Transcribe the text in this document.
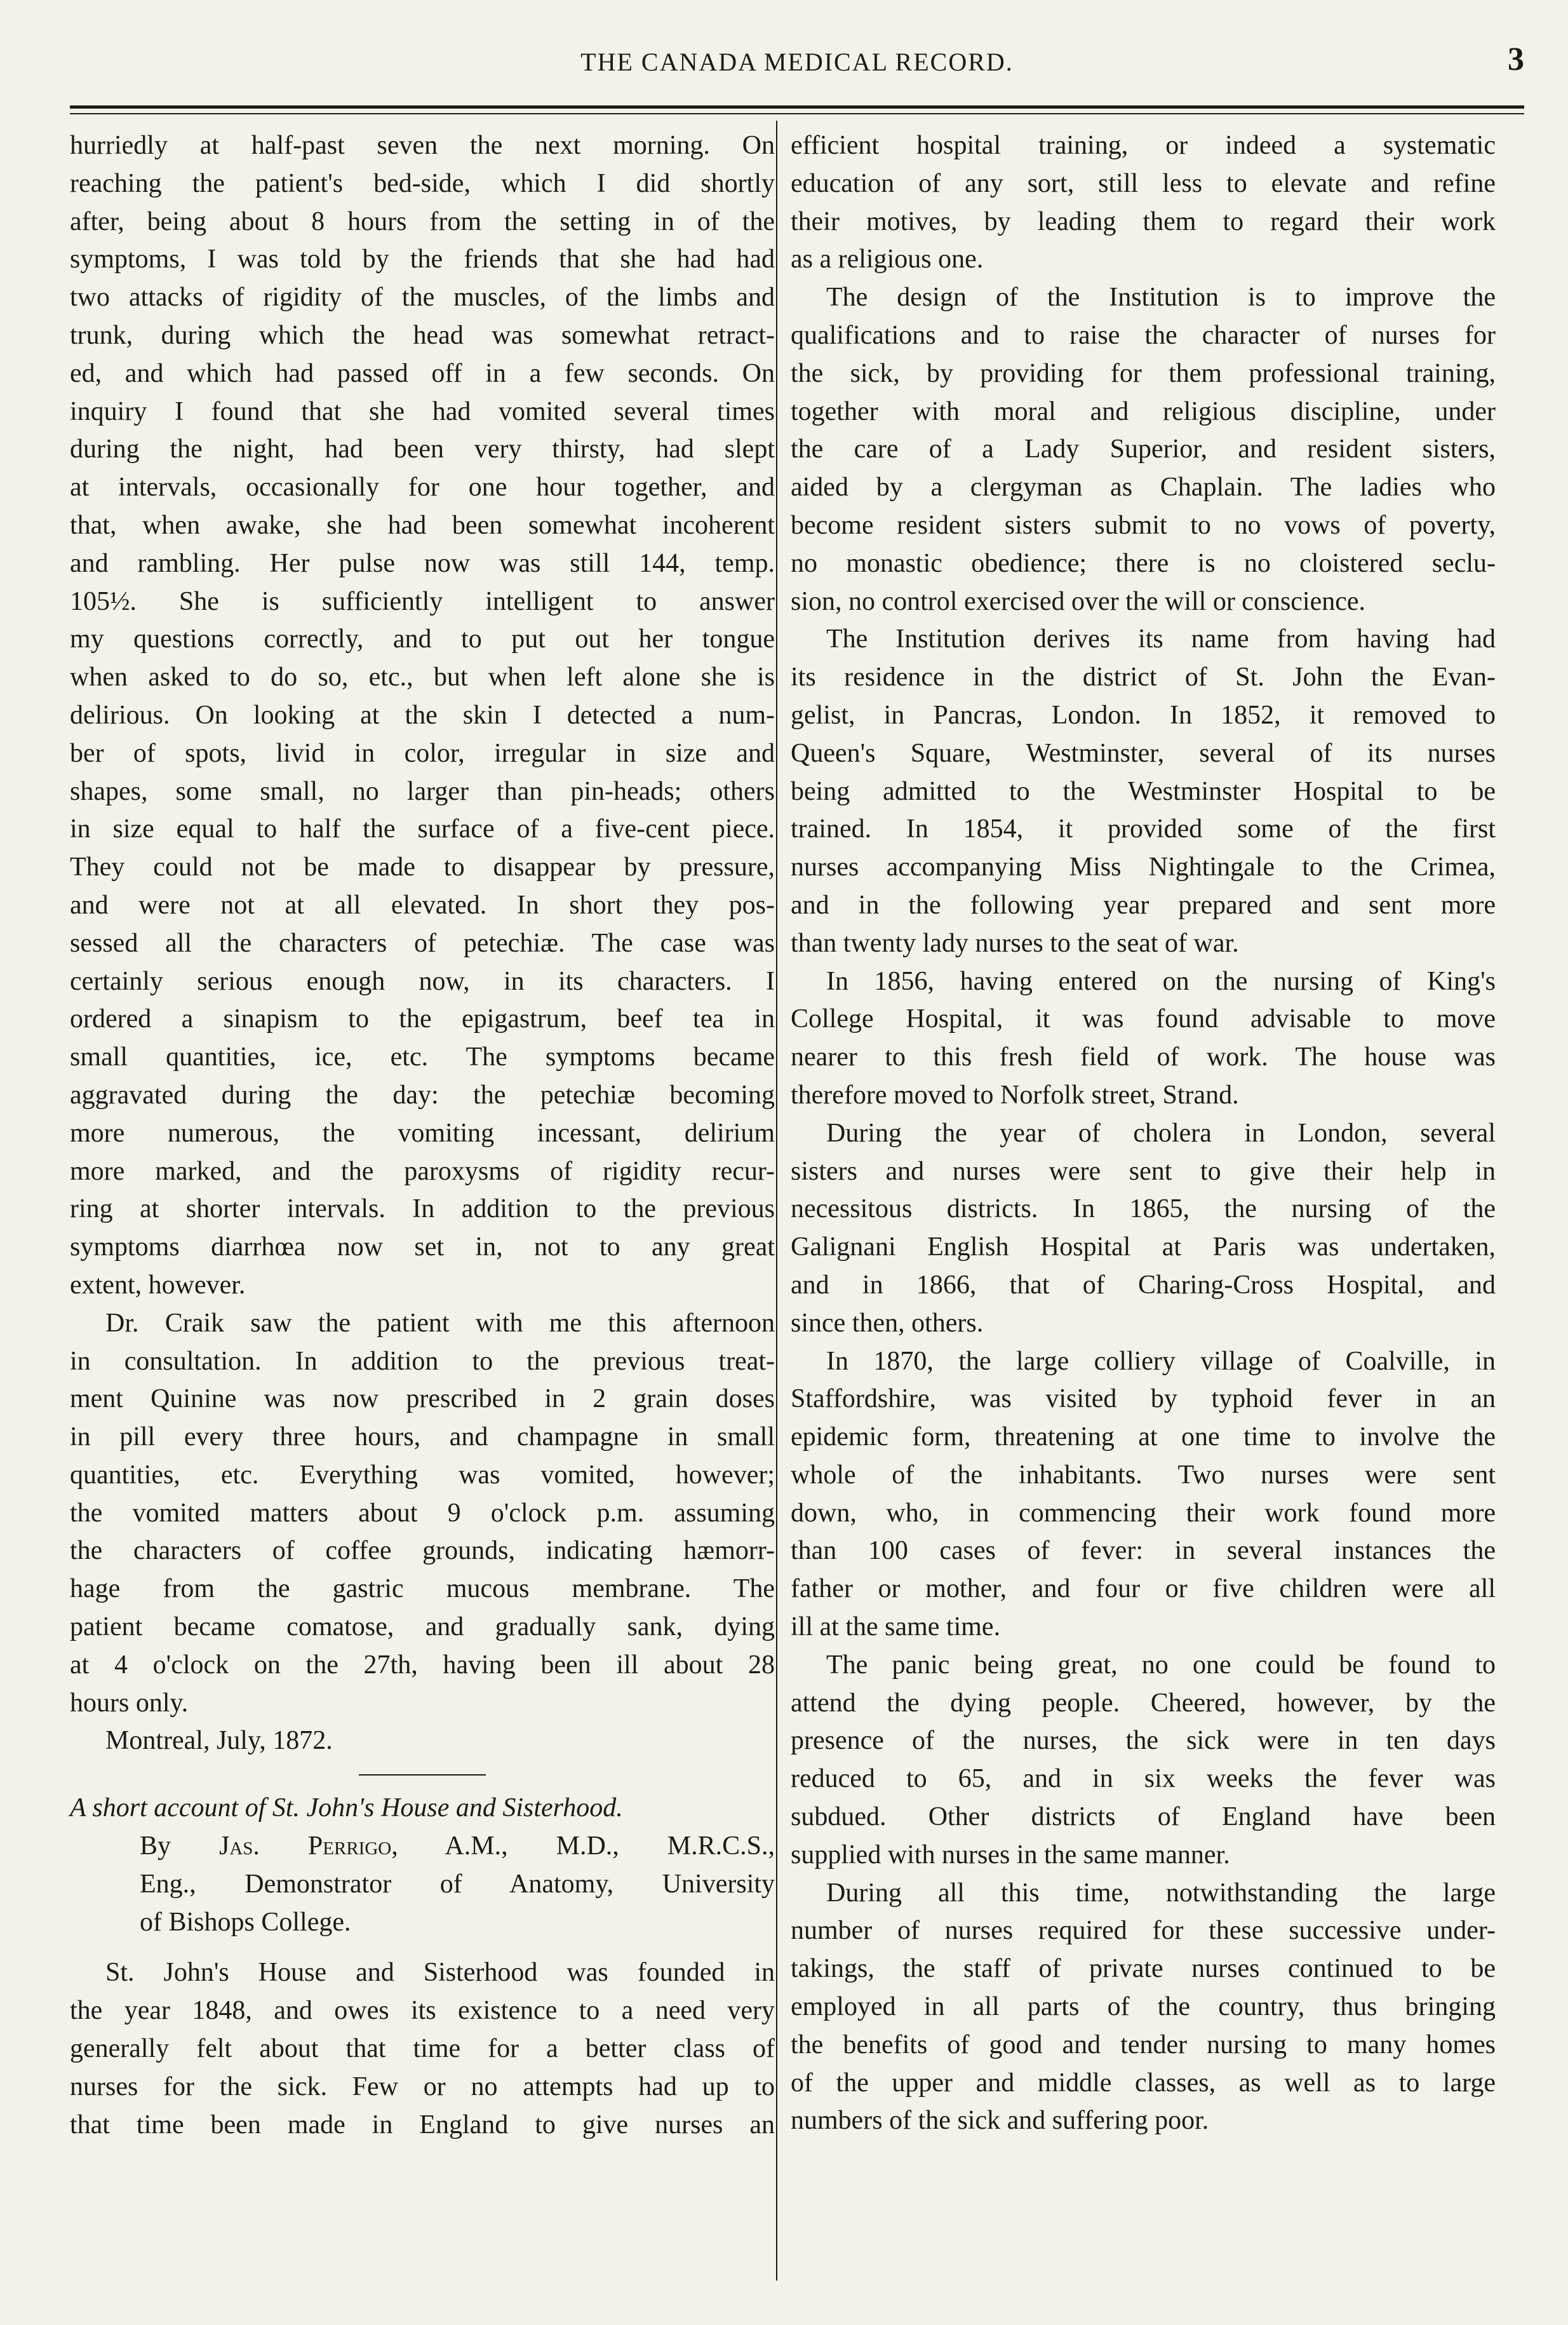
THE CANADA MEDICAL RECORD.	3
hurriedly at half-past seven the next morning. On
reaching the patient's bed-side, which I did shortly
after, being about 8 hours from the setting in of the
symptoms, I was told by the friends that she had had
two attacks of rigidity of the muscles, of the limbs and
trunk, during which the head was somewhat retract-
ed, and which had passed off in a few seconds. On
inquiry I found that she had vomited several times
during the night, had been very thirsty, had slept
at intervals, occasionally for one hour together, and
that, when awake, she had been somewhat incoherent
and rambling. Her pulse now was still 144, temp.
105½. She is sufficiently intelligent to answer
my questions correctly, and to put out her tongue
when asked to do so, etc., but when left alone she is
delirious. On looking at the skin I detected a num-
ber of spots, livid in color, irregular in size and
shapes, some small, no larger than pin-heads; others
in size equal to half the surface of a five-cent piece.
They could not be made to disappear by pressure,
and were not at all elevated. In short they pos-
sessed all the characters of petechiæ. The case was
certainly serious enough now, in its characters. I
ordered a sinapism to the epigastrum, beef tea in
small quantities, ice, etc. The symptoms became
aggravated during the day: the petechiæ becoming
more numerous, the vomiting incessant, delirium
more marked, and the paroxysms of rigidity recur-
ring at shorter intervals. In addition to the previous
symptoms diarrhœa now set in, not to any great
extent, however.
Dr. Craik saw the patient with me this afternoon
in consultation. In addition to the previous treat-
ment Quinine was now prescribed in 2 grain doses
in pill every three hours, and champagne in small
quantities, etc. Everything was vomited, however;
the vomited matters about 9 o'clock p.m. assuming
the characters of coffee grounds, indicating hæmorr-
hage from the gastric mucous membrane. The
patient became comatose, and gradually sank, dying
at 4 o'clock on the 27th, having been ill about 28
hours only.
Montreal, July, 1872.
A short account of St. John's House and Sisterhood.
By Jas. Perrigo, A.M., M.D., M.R.C.S.,
Eng., Demonstrator of Anatomy, University
of Bishops College.
St. John's House and Sisterhood was founded in
the year 1848, and owes its existence to a need very
generally felt about that time for a better class of
nurses for the sick. Few or no attempts had up to
that time been made in England to give nurses an
efficient hospital training, or indeed a systematic
education of any sort, still less to elevate and refine
their motives, by leading them to regard their work
as a religious one.
The design of the Institution is to improve the
qualifications and to raise the character of nurses for
the sick, by providing for them professional training,
together with moral and religious discipline, under
the care of a Lady Superior, and resident sisters,
aided by a clergyman as Chaplain. The ladies who
become resident sisters submit to no vows of poverty,
no monastic obedience; there is no cloistered seclu-
sion, no control exercised over the will or conscience.
The Institution derives its name from having had
its residence in the district of St. John the Evan-
gelist, in Pancras, London. In 1852, it removed to
Queen's Square, Westminster, several of its nurses
being admitted to the Westminster Hospital to be
trained. In 1854, it provided some of the first
nurses accompanying Miss Nightingale to the Crimea,
and in the following year prepared and sent more
than twenty lady nurses to the seat of war.
In 1856, having entered on the nursing of King's
College Hospital, it was found advisable to move
nearer to this fresh field of work. The house was
therefore moved to Norfolk street, Strand.
During the year of cholera in London, several
sisters and nurses were sent to give their help in
necessitous districts. In 1865, the nursing of the
Galignani English Hospital at Paris was undertaken,
and in 1866, that of Charing-Cross Hospital, and
since then, others.
In 1870, the large colliery village of Coalville, in
Staffordshire, was visited by typhoid fever in an
epidemic form, threatening at one time to involve the
whole of the inhabitants. Two nurses were sent
down, who, in commencing their work found more
than 100 cases of fever: in several instances the
father or mother, and four or five children were all
ill at the same time.
The panic being great, no one could be found to
attend the dying people. Cheered, however, by the
presence of the nurses, the sick were in ten days
reduced to 65, and in six weeks the fever was
subdued. Other districts of England have been
supplied with nurses in the same manner.
During all this time, notwithstanding the large
number of nurses required for these successive under-
takings, the staff of private nurses continued to be
employed in all parts of the country, thus bringing
the benefits of good and tender nursing to many homes
of the upper and middle classes, as well as to large
numbers of the sick and suffering poor.
